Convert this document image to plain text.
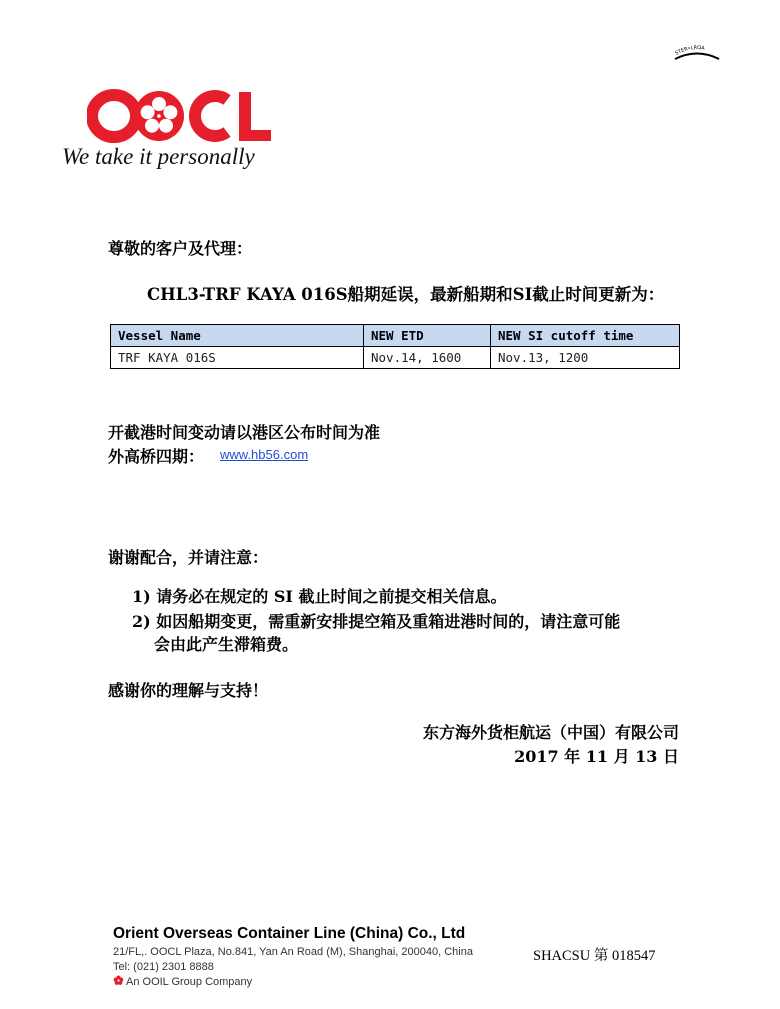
STER•LRQA
We take it personally
尊敬的客户及代理：
CHL3-TRF KAYA 016S船期延误，最新船期和SI截止时间更新为：
Vessel Name	NEW ETD	NEW SI cutoff time
TRF KAYA 016S	Nov.14, 1600	Nov.13, 1200
开截港时间变动请以港区公布时间为准
外高桥四期： www.hb56.com
谢谢配合，并请注意：
1) 请务必在规定的 SI 截止时间之前提交相关信息。
2) 如因船期变更，需重新安排提空箱及重箱进港时间的，请注意可能
会由此产生滞箱费。
感谢你的理解与支持！
东方海外货柜航运（中国）有限公司
2017 年 11 月 13 日
Orient Overseas Container Line (China) Co., Ltd
21/FL,. OOCL Plaza, No.841, Yan An Road (M), Shanghai, 200040, China
Tel: (021) 2301 8888
An OOIL Group Company
SHACSU 第 018547
